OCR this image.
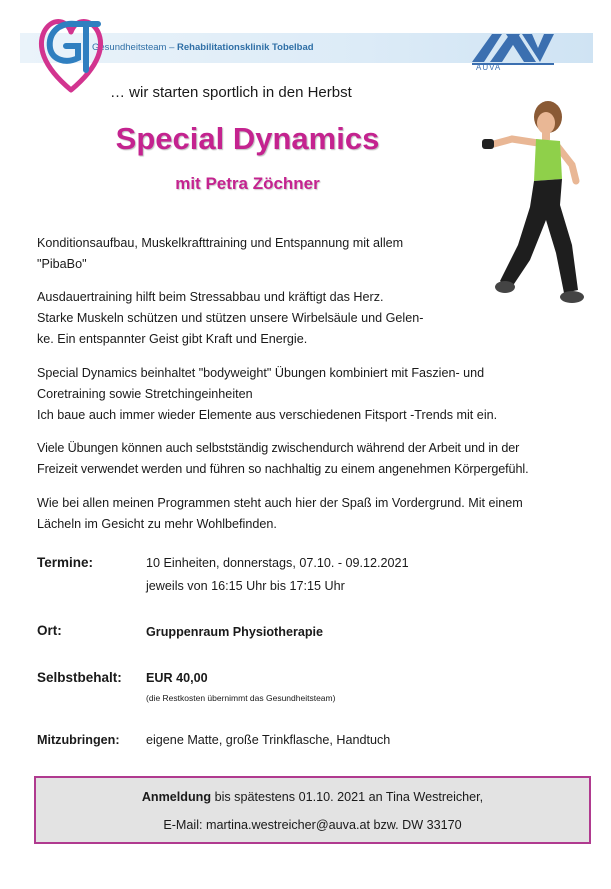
Gesundheitsteam – Rehabilitationsklinik Tobelbad
AUVA
… wir starten sportlich in den Herbst
Special Dynamics
mit Petra Zöchner
Konditionsaufbau, Muskelkrafttraining und Entspannung mit allem
"PibaBo"
Ausdauertraining hilft beim Stressabbau und kräftigt das Herz.
Starke Muskeln schützen und stützen unsere Wirbelsäule und Gelen-
ke. Ein entspannter Geist gibt Kraft und Energie.
Special Dynamics beinhaltet "bodyweight" Übungen kombiniert mit Faszien- und
Coretraining sowie Stretchingeinheiten
Ich baue auch immer wieder Elemente aus verschiedenen Fitsport -Trends mit ein.
Viele Übungen können auch selbstständig zwischendurch während der Arbeit und in der
Freizeit verwendet werden und führen so nachhaltig zu einem angenehmen Körpergefühl.
Wie bei allen meinen Programmen steht auch hier der Spaß im Vordergrund. Mit einem
Lächeln im Gesicht zu mehr Wohlbefinden.
Termine:	10 Einheiten, donnerstags, 07.10. - 09.12.2021
jeweils von 16:15 Uhr bis 17:15 Uhr
Ort:	Gruppenraum Physiotherapie
Selbstbehalt: EUR 40,00
(die Restkosten übernimmt das Gesundheitsteam)
Mitzubringen: eigene Matte, große Trinkflasche, Handtuch
Anmeldung bis spätestens 01.10. 2021 an Tina Westreicher,
E-Mail: martina.westreicher@auva.at bzw. DW 33170
